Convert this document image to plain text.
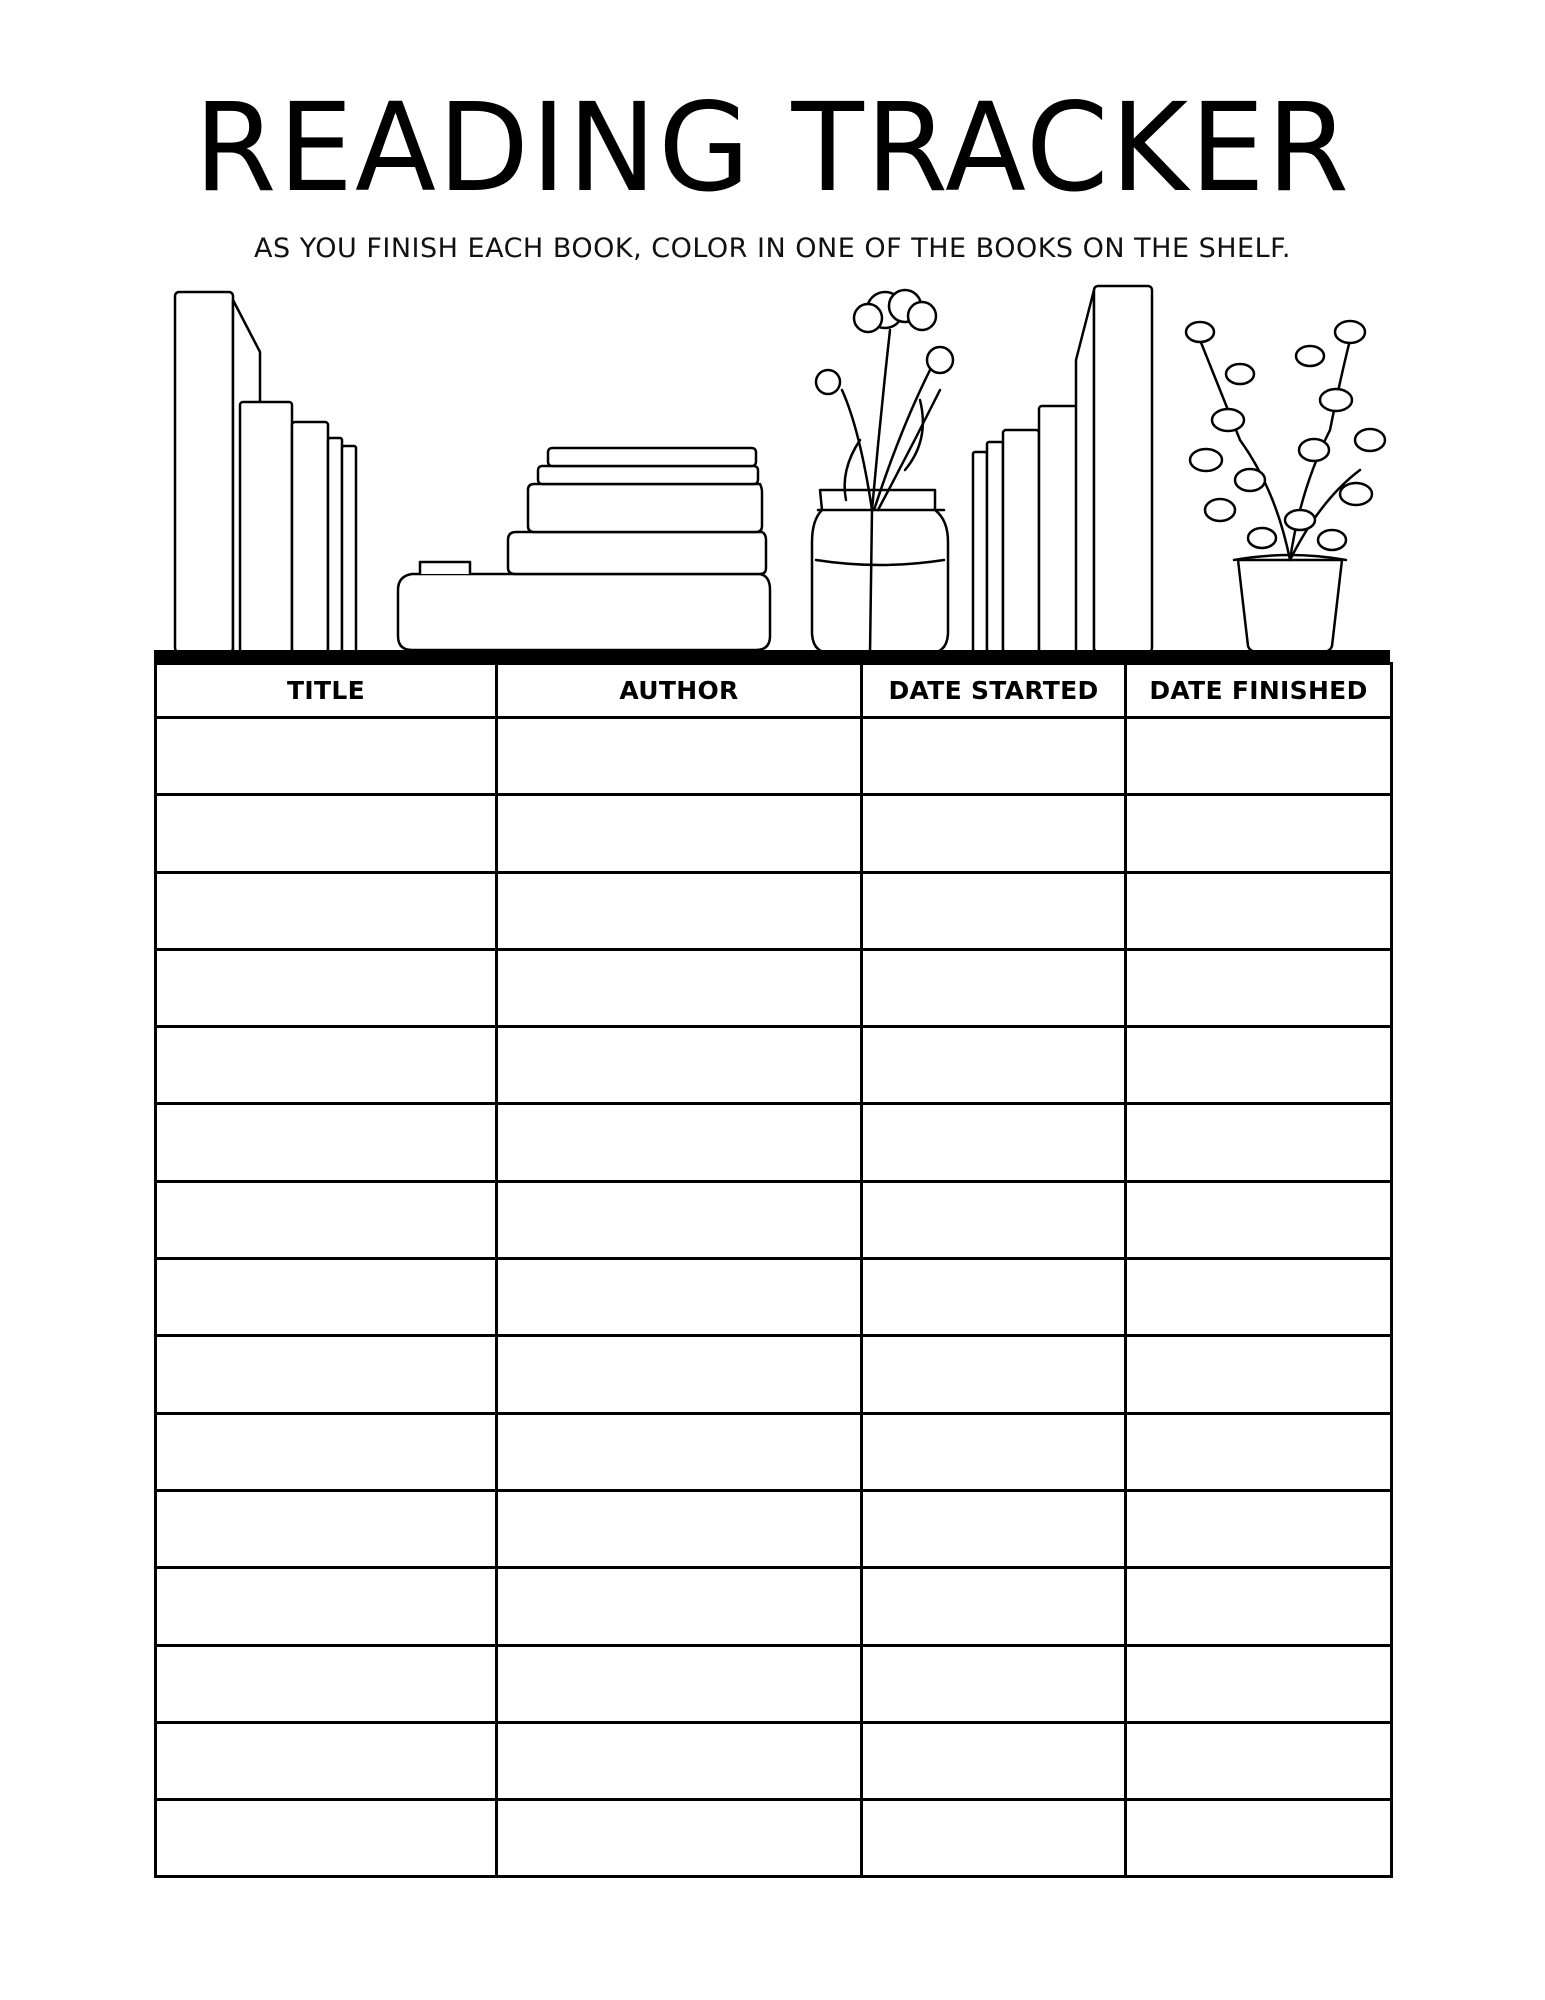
READING TRACKER
AS YOU FINISH EACH BOOK, COLOR IN ONE OF THE BOOKS ON THE SHELF.
TITLE	AUTHOR	DATE STARTED	DATE FINISHED
